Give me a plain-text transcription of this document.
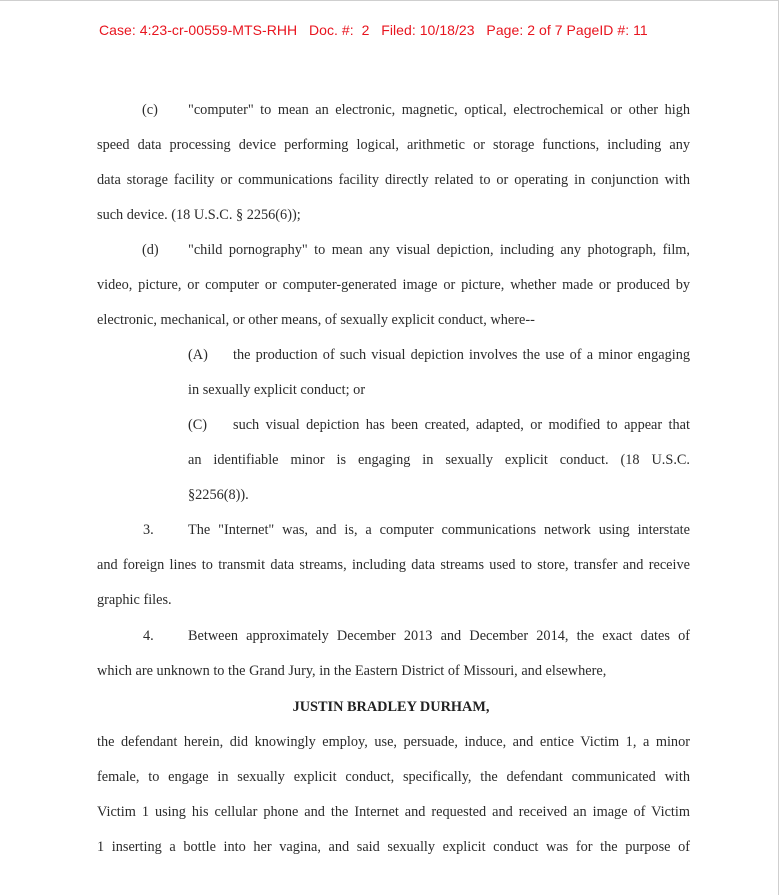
Case: 4:23-cr-00559-MTS-RHH   Doc. #:  2   Filed: 10/18/23   Page: 2 of 7 PageID #: 11
(c) "computer" to mean an electronic, magnetic, optical, electrochemical or other high
speed data processing device performing logical, arithmetic or storage functions, including any
data storage facility or communications facility directly related to or operating in conjunction with
such device. (18 U.S.C. § 2256(6));
(d) "child pornography" to mean any visual depiction, including any photograph, film,
video, picture, or computer or computer-generated image or picture, whether made or produced by
electronic, mechanical, or other means, of sexually explicit conduct, where--
(A) the production of such visual depiction involves the use of a minor engaging
in sexually explicit conduct; or
(C) such visual depiction has been created, adapted, or modified to appear that
an identifiable minor is engaging in sexually explicit conduct. (18 U.S.C.
§2256(8)).
3. The "Internet" was, and is, a computer communications network using interstate
and foreign lines to transmit data streams, including data streams used to store, transfer and receive
graphic files.
4. Between approximately December 2013 and December 2014, the exact dates of
which are unknown to the Grand Jury, in the Eastern District of Missouri, and elsewhere,
JUSTIN BRADLEY DURHAM,
the defendant herein, did knowingly employ, use, persuade, induce, and entice Victim 1, a minor
female, to engage in sexually explicit conduct, specifically, the defendant communicated with
Victim 1 using his cellular phone and the Internet and requested and received an image of Victim
1 inserting a bottle into her vagina, and said sexually explicit conduct was for the purpose of
